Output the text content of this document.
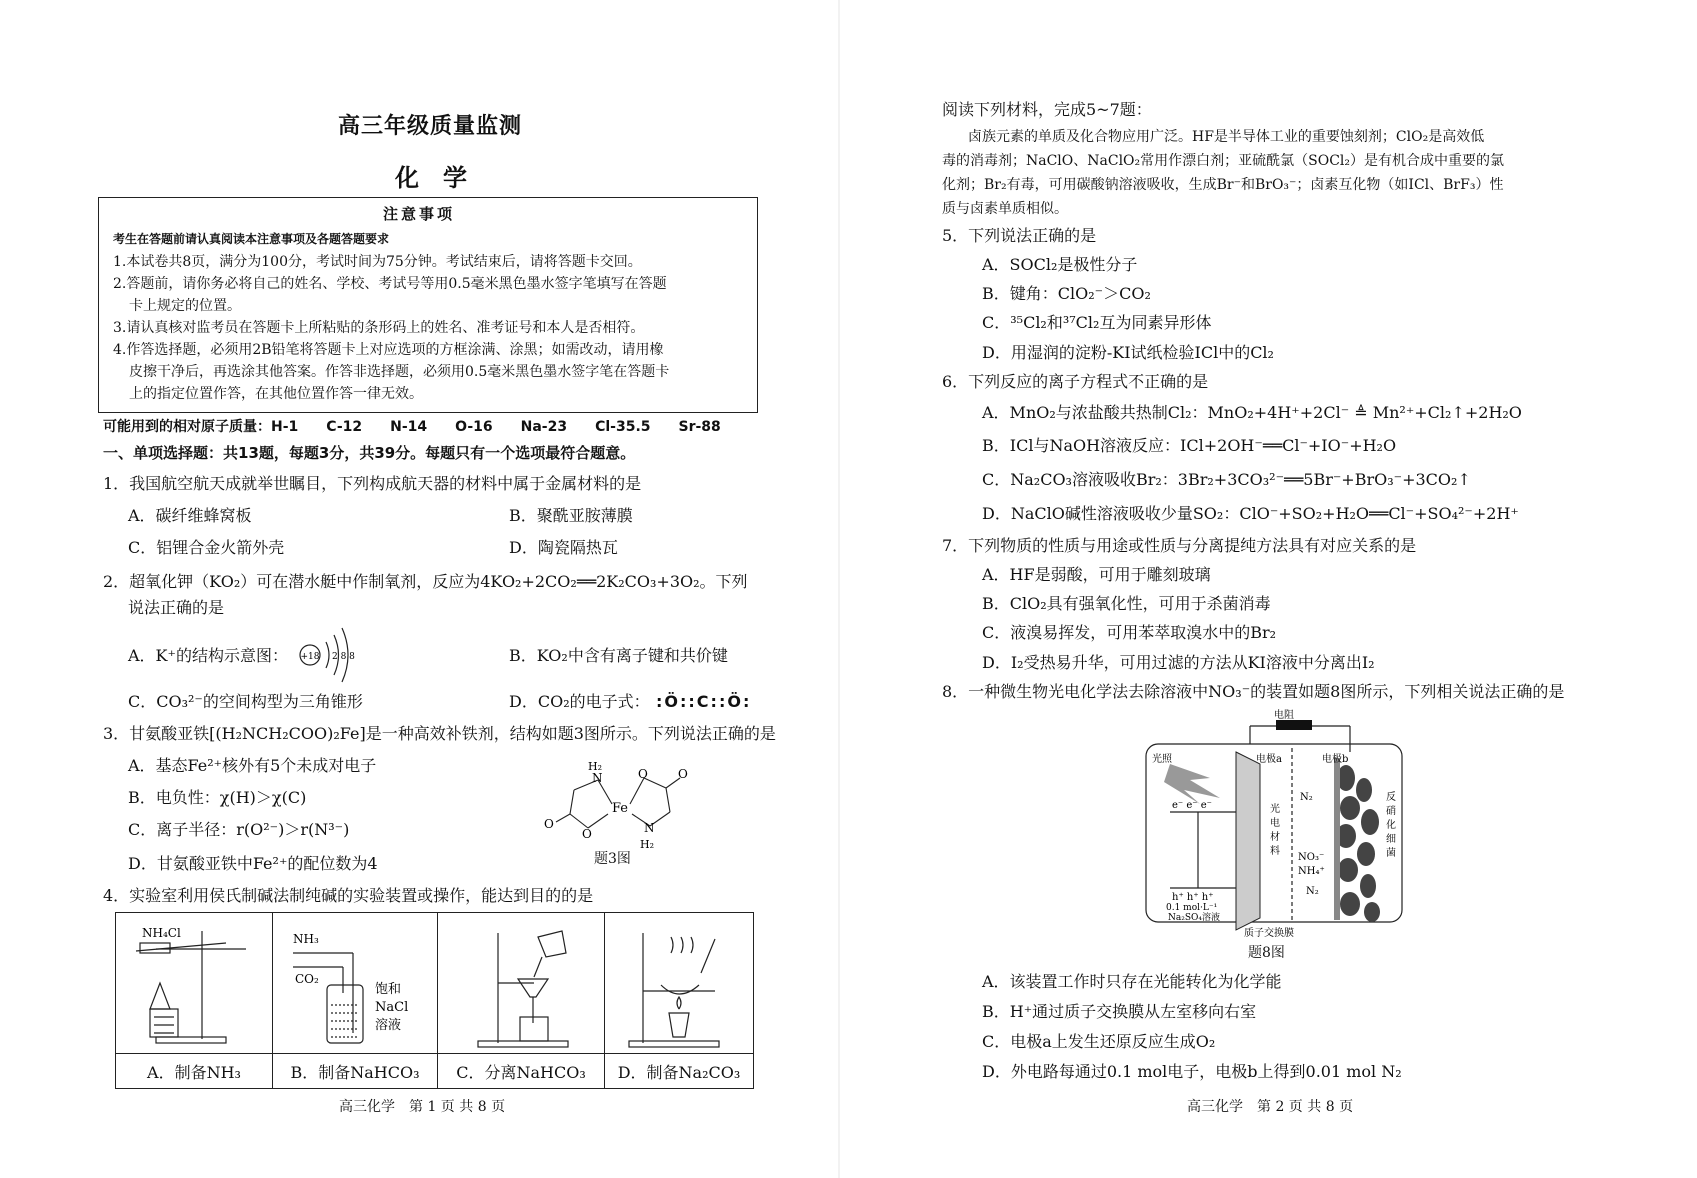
高三年级质量监测
化学
注意事项
考生在答题前请认真阅读本注意事项及各题答题要求
1.本试卷共8页，满分为100分，考试时间为75分钟。考试结束后，请将答题卡交回。
2.答题前，请你务必将自己的姓名、学校、考试号等用0.5毫米黑色墨水签字笔填写在答题
卡上规定的位置。
3.请认真核对监考员在答题卡上所粘贴的条形码上的姓名、准考证号和本人是否相符。
4.作答选择题，必须用2B铅笔将答题卡上对应选项的方框涂满、涂黑；如需改动，请用橡
皮擦干净后，再选涂其他答案。作答非选择题，必须用0.5毫米黑色墨水签字笔在答题卡
上的指定位置作答，在其他位置作答一律无效。
可能用到的相对原子质量：H-1　　C-12　　N-14　　O-16　　Na-23　　Cl-35.5　　Sr-88
一、单项选择题：共13题，每题3分，共39分。每题只有一个选项最符合题意。
1．我国航空航天成就举世瞩目，下列构成航天器的材料中属于金属材料的是
A．碳纤维蜂窝板	B．聚酰亚胺薄膜
C．铝锂合金火箭外壳	D．陶瓷隔热瓦
2．超氧化钾（KO₂）可在潜水艇中作制氧剂，反应为4KO₂+2CO₂══2K₂CO₃+3O₂。下列
说法正确的是
A．K⁺的结构示意图： +18 2 8 8	B．KO₂中含有离子键和共价键
C．CO₃²⁻的空间构型为三角锥形	D．CO₂的电子式： :Ö::C::Ö:
3．甘氨酸亚铁[(H₂NCH₂COO)₂Fe]是一种高效补铁剂，结构如题3图所示。下列说法正确的是
A．基态Fe²⁺核外有5个未成对电子
B．电负性：χ(H)＞χ(C)
C．离子半径：r(O²⁻)＞r(N³⁻)
D．甘氨酸亚铁中Fe²⁺的配位数为4
H₂
N
Fe
O	O
O
O	N
H₂
题3图
4．实验室利用侯氏制碱法制纯碱的实验装置或操作，能达到目的的是
NH₄Cl	NH₃
CO₂
饱和
NaCl
溶液

A．制备NH₃	B．制备NaHCO₃	C．分离NaHCO₃	D．制备Na₂CO₃
高三化学　第 1 页 共 8 页
阅读下列材料，完成5~7题：
卤族元素的单质及化合物应用广泛。HF是半导体工业的重要蚀刻剂；ClO₂是高效低
毒的消毒剂；NaClO、NaClO₂常用作漂白剂；亚硫酰氯（SOCl₂）是有机合成中重要的氯
化剂；Br₂有毒，可用碳酸钠溶液吸收，生成Br⁻和BrO₃⁻；卤素互化物（如ICl、BrF₃）性
质与卤素单质相似。
5．下列说法正确的是
A．SOCl₂是极性分子
B．键角：ClO₂⁻＞CO₂
C．³⁵Cl₂和³⁷Cl₂互为同素异形体
D．用湿润的淀粉-KI试纸检验ICl中的Cl₂
6．下列反应的离子方程式不正确的是
A．MnO₂与浓盐酸共热制Cl₂：MnO₂+4H⁺+2Cl⁻ ≜ Mn²⁺+Cl₂↑+2H₂O
B．ICl与NaOH溶液反应：ICl+2OH⁻══Cl⁻+IO⁻+H₂O
C．Na₂CO₃溶液吸收Br₂：3Br₂+3CO₃²⁻══5Br⁻+BrO₃⁻+3CO₂↑
D．NaClO碱性溶液吸收少量SO₂：ClO⁻+SO₂+H₂O══Cl⁻+SO₄²⁻+2H⁺
7．下列物质的性质与用途或性质与分离提纯方法具有对应关系的是
A．HF是弱酸，可用于雕刻玻璃
B．ClO₂具有强氧化性，可用于杀菌消毒
C．液溴易挥发，可用苯萃取溴水中的Br₂
D．I₂受热易升华，可用过滤的方法从KI溶液中分离出I₂
8．一种微生物光电化学法去除溶液中NO₃⁻的装置如题8图所示，下列相关说法正确的是
电阻
光照	电极a	电极b
光
电
材
料
反
硝
化
细
菌
e⁻ e⁻ e⁻
h⁺ h⁺ h⁺
0.1 mol·L⁻¹
Na₂SO₄溶液
N₂
NO₃⁻
NH₄⁺
N₂
质子交换膜
题8图
A．该装置工作时只存在光能转化为化学能
B．H⁺通过质子交换膜从左室移向右室
C．电极a上发生还原反应生成O₂
D．外电路每通过0.1 mol电子，电极b上得到0.01 mol N₂
高三化学　第 2 页 共 8 页
